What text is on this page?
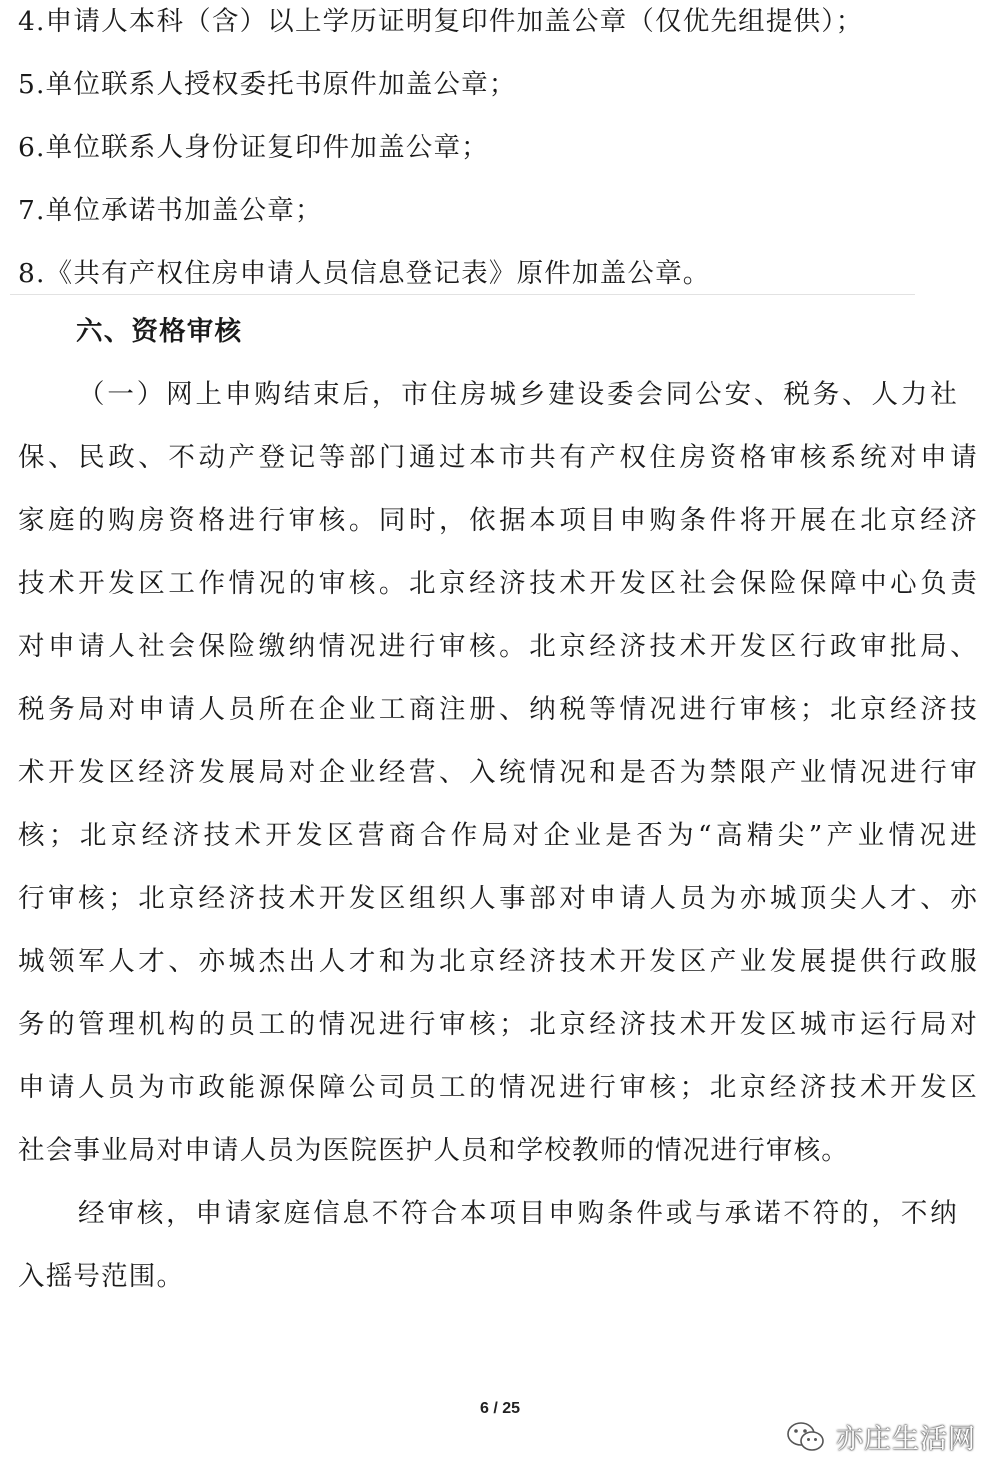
4.申请人本科（含）以上学历证明复印件加盖公章（仅优先组提供）；
5.单位联系人授权委托书原件加盖公章；
6.单位联系人身份证复印件加盖公章；
7.单位承诺书加盖公章；
8.《共有产权住房申请人员信息登记表》原件加盖公章。
六、资格审核
（一）网上申购结束后，市住房城乡建设委会同公安、税务、人力社
保、民政、不动产登记等部门通过本市共有产权住房资格审核系统对申请
家庭的购房资格进行审核。同时，依据本项目申购条件将开展在北京经济
技术开发区工作情况的审核。北京经济技术开发区社会保险保障中心负责
对申请人社会保险缴纳情况进行审核。北京经济技术开发区行政审批局、
税务局对申请人员所在企业工商注册、纳税等情况进行审核；北京经济技
术开发区经济发展局对企业经营、入统情况和是否为禁限产业情况进行审
核；北京经济技术开发区营商合作局对企业是否为“高精尖”产业情况进
行审核；北京经济技术开发区组织人事部对申请人员为亦城顶尖人才、亦
城领军人才、亦城杰出人才和为北京经济技术开发区产业发展提供行政服
务的管理机构的员工的情况进行审核；北京经济技术开发区城市运行局对
申请人员为市政能源保障公司员工的情况进行审核；北京经济技术开发区
社会事业局对申请人员为医院医护人员和学校教师的情况进行审核。
经审核，申请家庭信息不符合本项目申购条件或与承诺不符的，不纳
入摇号范围。
6 / 25
亦庄生活网
